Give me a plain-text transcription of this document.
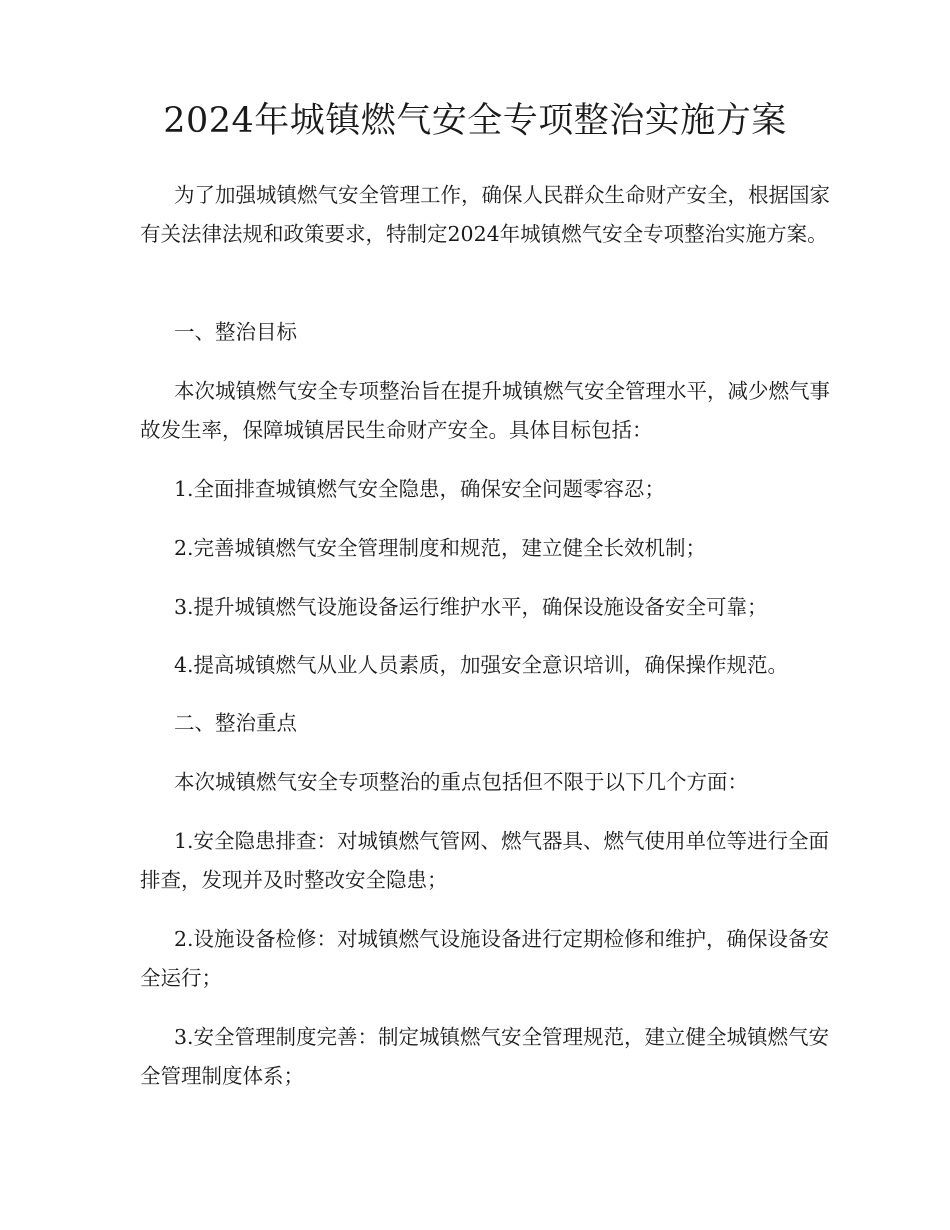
2024年城镇燃气安全专项整治实施方案

为了加强城镇燃气安全管理工作，确保人民群众生命财产安全，根据国家有关法律法规和政策要求，特制定2024年城镇燃气安全专项整治实施方案。

一、整治目标

本次城镇燃气安全专项整治旨在提升城镇燃气安全管理水平，减少燃气事故发生率，保障城镇居民生命财产安全。具体目标包括：

1.全面排查城镇燃气安全隐患，确保安全问题零容忍；

2.完善城镇燃气安全管理制度和规范，建立健全长效机制；

3.提升城镇燃气设施设备运行维护水平，确保设施设备安全可靠；

4.提高城镇燃气从业人员素质，加强安全意识培训，确保操作规范。

二、整治重点

本次城镇燃气安全专项整治的重点包括但不限于以下几个方面：

1.安全隐患排查：对城镇燃气管网、燃气器具、燃气使用单位等进行全面排查，发现并及时整改安全隐患；

2.设施设备检修：对城镇燃气设施设备进行定期检修和维护，确保设备安全运行；

3.安全管理制度完善：制定城镇燃气安全管理规范，建立健全城镇燃气安全管理制度体系；
